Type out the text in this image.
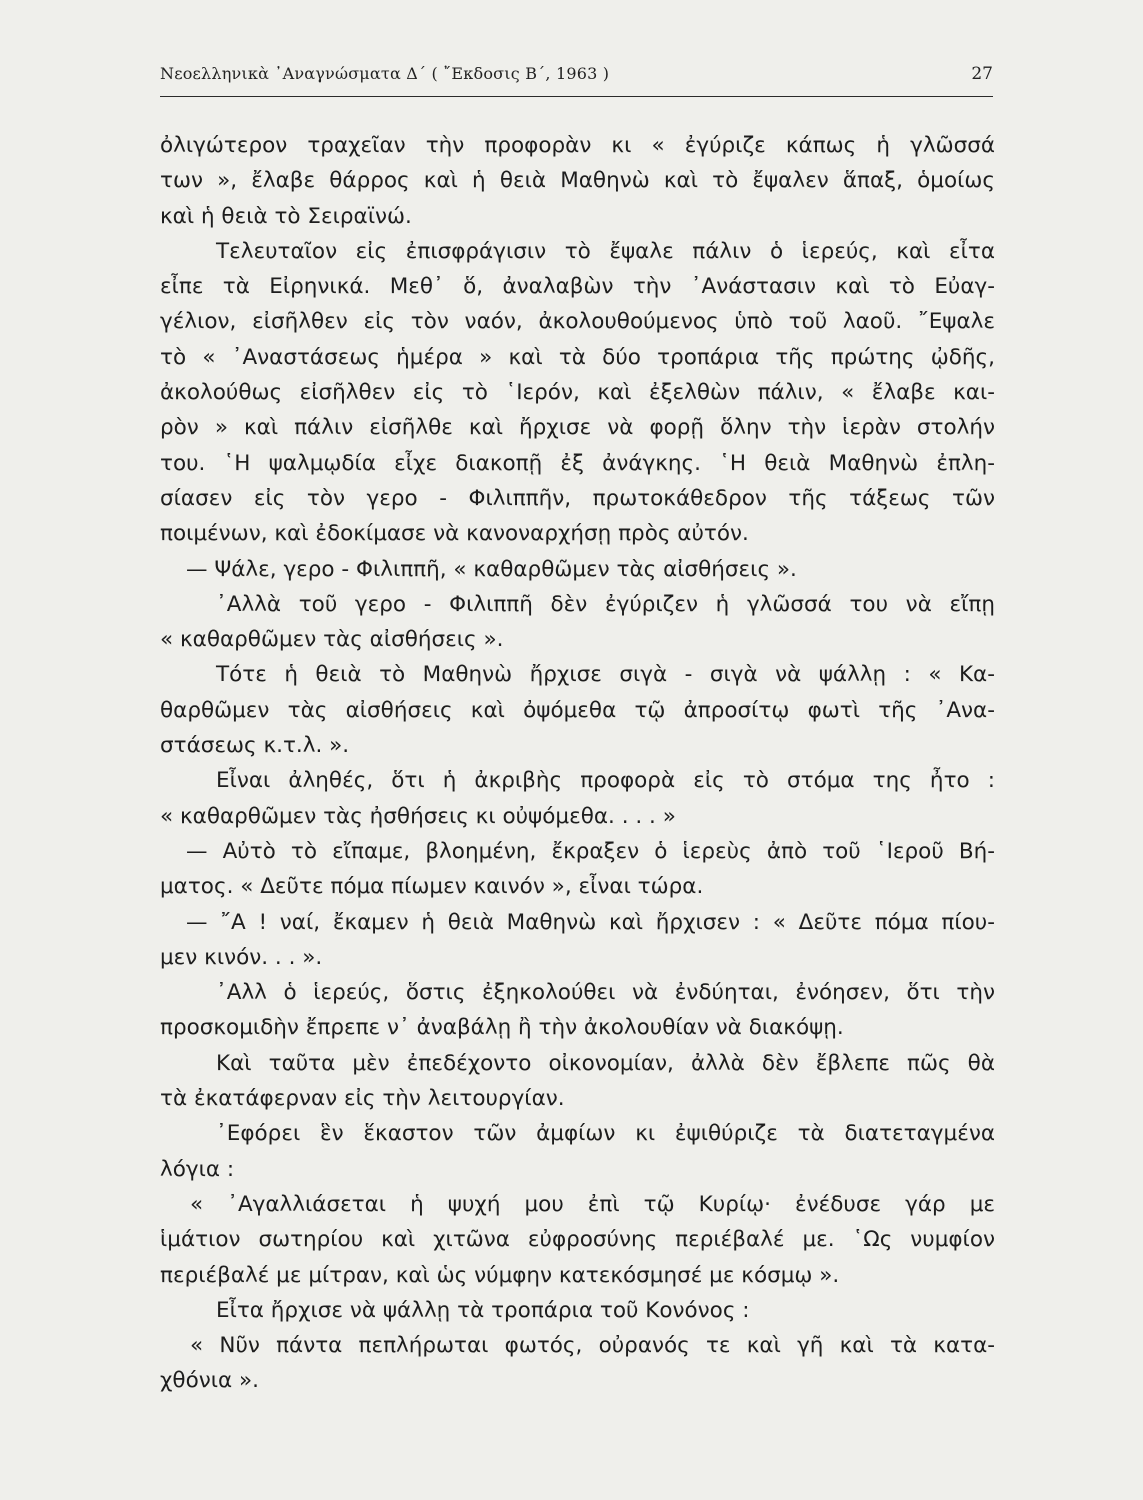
Νεοελληνικὰ ᾿Αναγνώσματα Δ΄ ( ῎Εκδοσις Β΄, 1963 )	27
ὀλιγώτερον τραχεῖαν τὴν προφορὰν κι « ἐγύριζε κάπως ἡ γλῶσσά
των », ἔλαβε θάρρος καὶ ἡ θειὰ Μαθηνὼ καὶ τὸ ἔψαλεν ἅπαξ, ὁμοίως
καὶ ἡ θειὰ τὸ Σειραϊνώ.
Τελευταῖον εἰς ἐπισφράγισιν τὸ ἔψαλε πάλιν ὁ ἱερεύς, καὶ εἶτα
εἶπε τὰ Εἰρηνικά. Μεθ᾿ ὅ, ἀναλαβὼν τὴν ᾿Ανάστασιν καὶ τὸ Εὐαγ-
γέλιον, εἰσῆλθεν εἰς τὸν ναόν, ἀκολουθούμενος ὑπὸ τοῦ λαοῦ. ῎Εψαλε
τὸ « ᾿Αναστάσεως ἡμέρα » καὶ τὰ δύο τροπάρια τῆς πρώτης ᾠδῆς,
ἀκολούθως εἰσῆλθεν εἰς τὸ ῾Ιερόν, καὶ ἐξελθὼν πάλιν, « ἔλαβε και-
ρὸν » καὶ πάλιν εἰσῆλθε καὶ ἤρχισε νὰ φορῇ ὅλην τὴν ἱερὰν στολήν
του. ῾Η ψαλμῳδία εἶχε διακοπῇ ἐξ ἀνάγκης. ῾Η θειὰ Μαθηνὼ ἐπλη-
σίασεν εἰς τὸν γερο - Φιλιππῆν, πρωτοκάθεδρον τῆς τάξεως τῶν
ποιμένων, καὶ ἐδοκίμασε νὰ κανοναρχήσῃ πρὸς αὐτόν.
— Ψάλε, γερο - Φιλιππῆ, « καθαρθῶμεν τὰς αἰσθήσεις ».
᾿Αλλὰ τοῦ γερο - Φιλιππῆ δὲν ἐγύριζεν ἡ γλῶσσά του νὰ εἴπῃ
« καθαρθῶμεν τὰς αἰσθήσεις ».
Τότε ἡ θειὰ τὸ Μαθηνὼ ἤρχισε σιγὰ - σιγὰ νὰ ψάλλῃ : « Κα-
θαρθῶμεν τὰς αἰσθήσεις καὶ ὀψόμεθα τῷ ἀπροσίτῳ φωτὶ τῆς ᾿Ανα-
στάσεως κ.τ.λ. ».
Εἶναι ἀληθές, ὅτι ἡ ἀκριβὴς προφορὰ εἰς τὸ στόμα της ἦτο :
« καθαρθῶμεν τὰς ἠσθήσεις κι οὐψόμεθα. . . . »
— Αὐτὸ τὸ εἴπαμε, βλοημένη, ἔκραξεν ὁ ἱερεὺς ἀπὸ τοῦ ῾Ιεροῦ Βή-
ματος. « Δεῦτε πόμα πίωμεν καινόν », εἶναι τώρα.
— ῎Α ! ναί, ἔκαμεν ἡ θειὰ Μαθηνὼ καὶ ἤρχισεν : « Δεῦτε πόμα πίου-
μεν κινόν. . . ».
᾿Αλλ ὁ ἱερεύς, ὅστις ἐξηκολούθει νὰ ἐνδύηται, ἐνόησεν, ὅτι τὴν
προσκομιδὴν ἔπρεπε ν᾿ ἀναβάλῃ ἢ τὴν ἀκολουθίαν νὰ διακόψῃ.
Καὶ ταῦτα μὲν ἐπεδέχοντο οἰκονομίαν, ἀλλὰ δὲν ἔβλεπε πῶς θὰ
τὰ ἐκατάφερναν εἰς τὴν λειτουργίαν.
᾿Εφόρει ἓν ἕκαστον τῶν ἀμφίων κι ἐψιθύριζε τὰ διατεταγμένα
λόγια :
« ᾿Αγαλλιάσεται ἡ ψυχή μου ἐπὶ τῷ Κυρίῳ· ἐνέδυσε γάρ με
ἱμάτιον σωτηρίου καὶ χιτῶνα εὐφροσύνης περιέβαλέ με. ῾Ως νυμφίον
περιέβαλέ με μίτραν, καὶ ὡς νύμφην κατεκόσμησέ με κόσμῳ ».
Εἶτα ἤρχισε νὰ ψάλλῃ τὰ τροπάρια τοῦ Κονόνος :
« Νῦν πάντα πεπλήρωται φωτός, οὐρανός τε καὶ γῆ καὶ τὰ κατα-
χθόνια ».
